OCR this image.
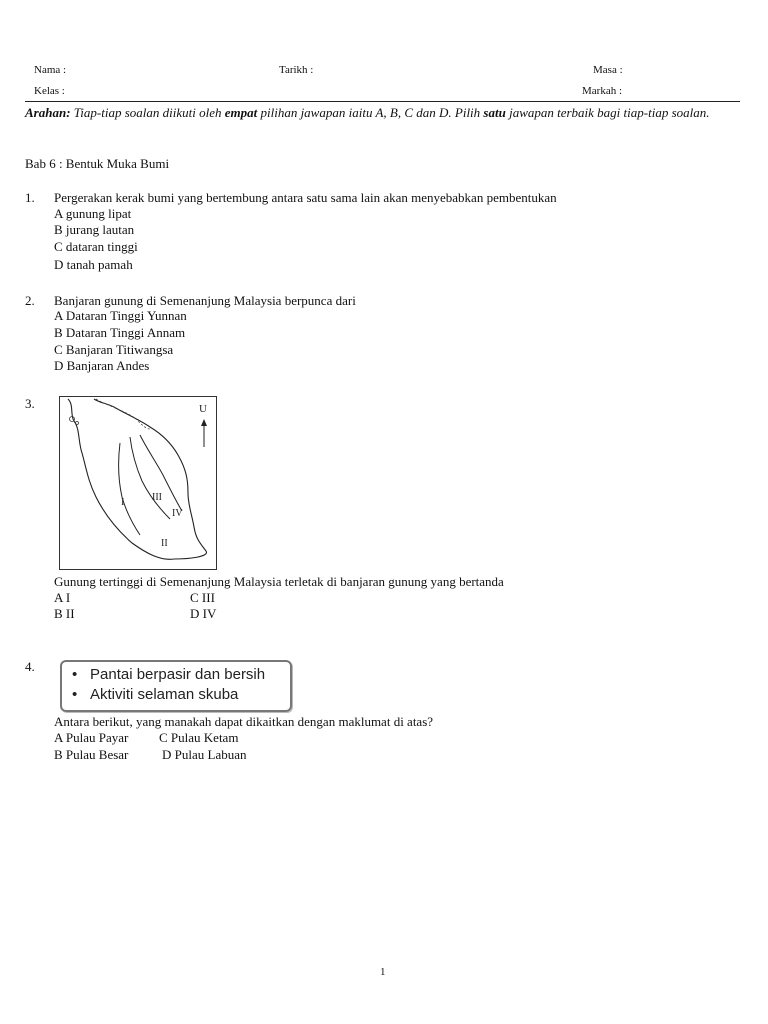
Nama :	Tarikh :	Masa :
Kelas :	Markah :
Arahan: Tiap-tiap soalan diikuti oleh empat pilihan jawapan iaitu A, B, C dan D. Pilih satu jawapan terbaik bagi tiap-tiap soalan.
Bab 6 : Bentuk Muka Bumi
1. Pergerakan kerak bumi yang bertembung antara satu sama lain akan menyebabkan pembentukan
A gunung lipat
B jurang lautan
C dataran tinggi
D tanah pamah
2. Banjaran gunung di Semenanjung Malaysia berpunca dari
A Dataran Tinggi Yunnan
B Dataran Tinggi Annam
C Banjaran Titiwangsa
D Banjaran Andes
3.	U
I	III
IV
II
Gunung tertinggi di Semenanjung Malaysia terletak di banjaran gunung yang bertanda
A I
B II
C III
D IV
4. • Pantai berpasir dan bersih
• Aktiviti selaman skuba
Antara berikut, yang manakah dapat dikaitkan dengan maklumat di atas?
A Pulau Payar
B Pulau Besar
C Pulau Ketam
D Pulau Labuan
1
